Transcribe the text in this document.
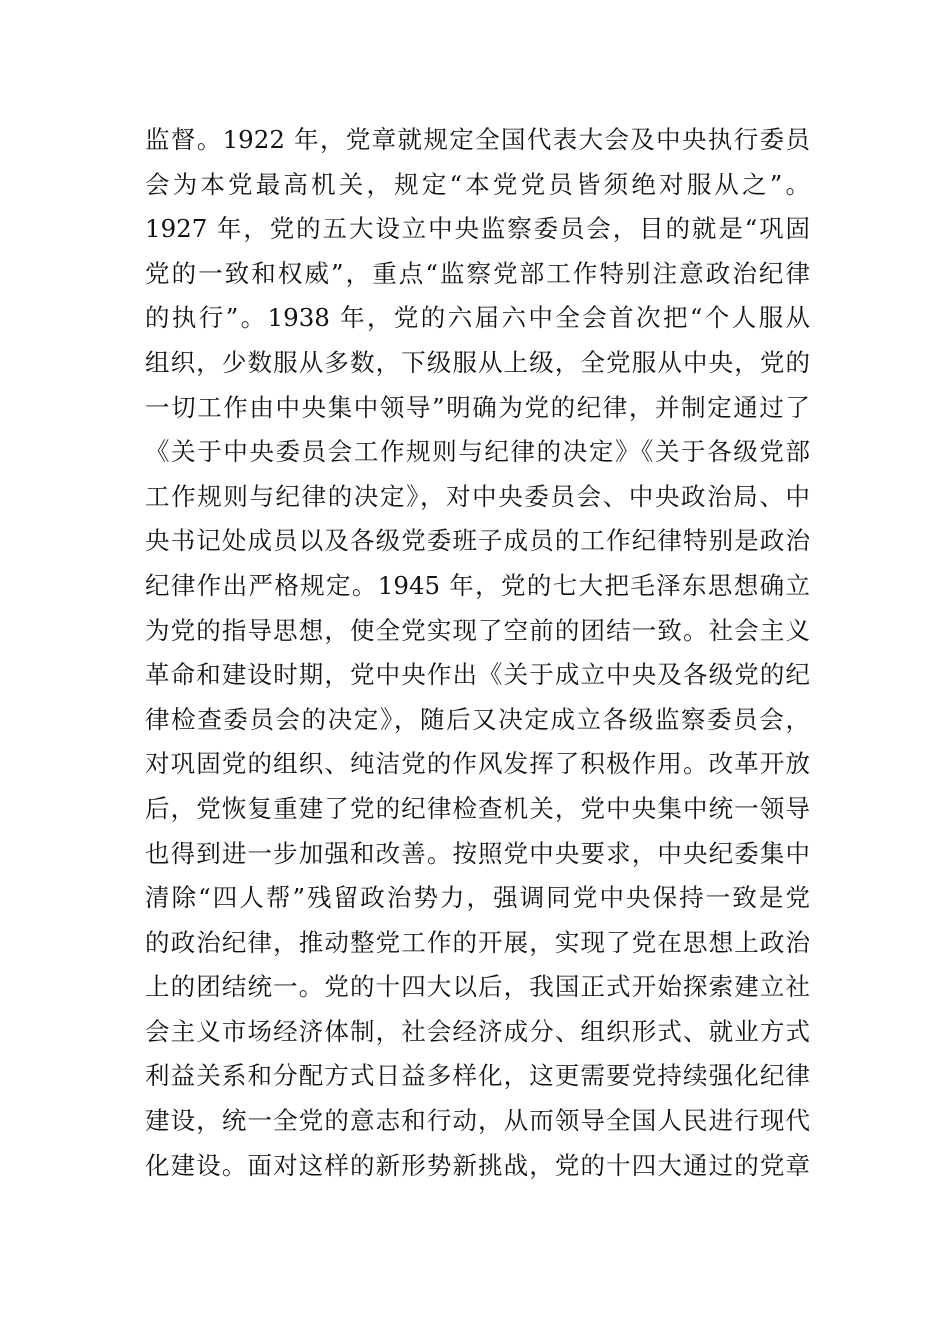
监督。1922 年，党章就规定全国代表大会及中央执行委员
会为本党最高机关，规定“本党党员皆须绝对服从之”。
1927 年，党的五大设立中央监察委员会，目的就是“巩固
党的一致和权威”，重点“监察党部工作特别注意政治纪律
的执行”。1938 年，党的六届六中全会首次把“个人服从
组织，少数服从多数，下级服从上级，全党服从中央，党的
一切工作由中央集中领导”明确为党的纪律，并制定通过了
《关于中央委员会工作规则与纪律的决定》《关于各级党部
工作规则与纪律的决定》，对中央委员会、中央政治局、中
央书记处成员以及各级党委班子成员的工作纪律特别是政治
纪律作出严格规定。1945 年，党的七大把毛泽东思想确立
为党的指导思想，使全党实现了空前的团结一致。社会主义
革命和建设时期，党中央作出《关于成立中央及各级党的纪
律检查委员会的决定》，随后又决定成立各级监察委员会，
对巩固党的组织、纯洁党的作风发挥了积极作用。改革开放
后，党恢复重建了党的纪律检查机关，党中央集中统一领导
也得到进一步加强和改善。按照党中央要求，中央纪委集中
清除“四人帮”残留政治势力，强调同党中央保持一致是党
的政治纪律，推动整党工作的开展，实现了党在思想上政治
上的团结统一。党的十四大以后，我国正式开始探索建立社
会主义市场经济体制，社会经济成分、组织形式、就业方式
利益关系和分配方式日益多样化，这更需要党持续强化纪律
建设，统一全党的意志和行动，从而领导全国人民进行现代
化建设。面对这样的新形势新挑战，党的十四大通过的党章
